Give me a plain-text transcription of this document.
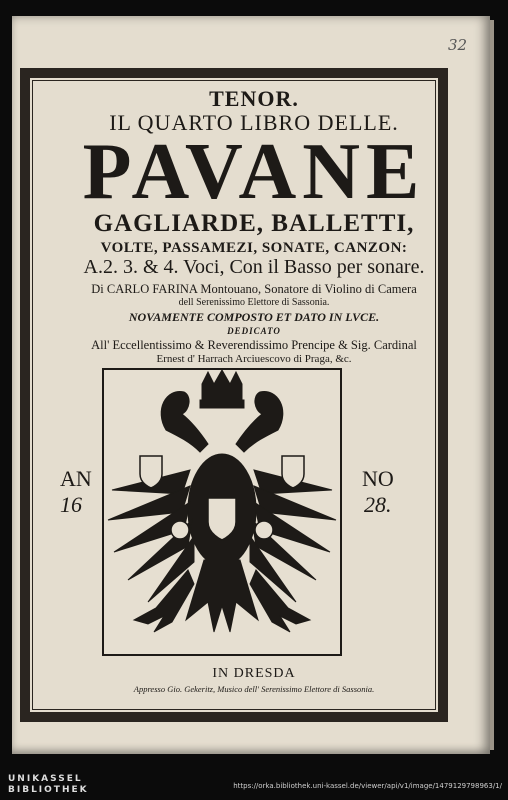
32
TENOR.
IL QUARTO LIBRO DELLE.
PAVANE
GAGLIARDE, BALLETTI,
VOLTE, PASSAMEZI, SONATE, CANZON:
A.2. 3. & 4. Voci, Con il Basso per sonare.
Di CARLO FARINA Montouano, Sonatore di Violino di Camera
dell Serenissimo Elettore di Sassonia.
NOVAMENTE COMPOSTO ET DATO IN LVCE.
DEDICATO
All' Eccellentissimo & Reverendissimo Prencipe & Sig. Cardinal
Ernest d' Harrach Arciuescovo di Praga, &c.
AN
16
NO
28.
IN DRESDA
Appresso Gio. Gekeritz, Musico dell' Serenissimo Elettore di Sassonia.
UNIKASSEL
BIBLIOTHEK	https://orka.bibliothek.uni-kassel.de/viewer/api/v1/image/1479129798963/1/
